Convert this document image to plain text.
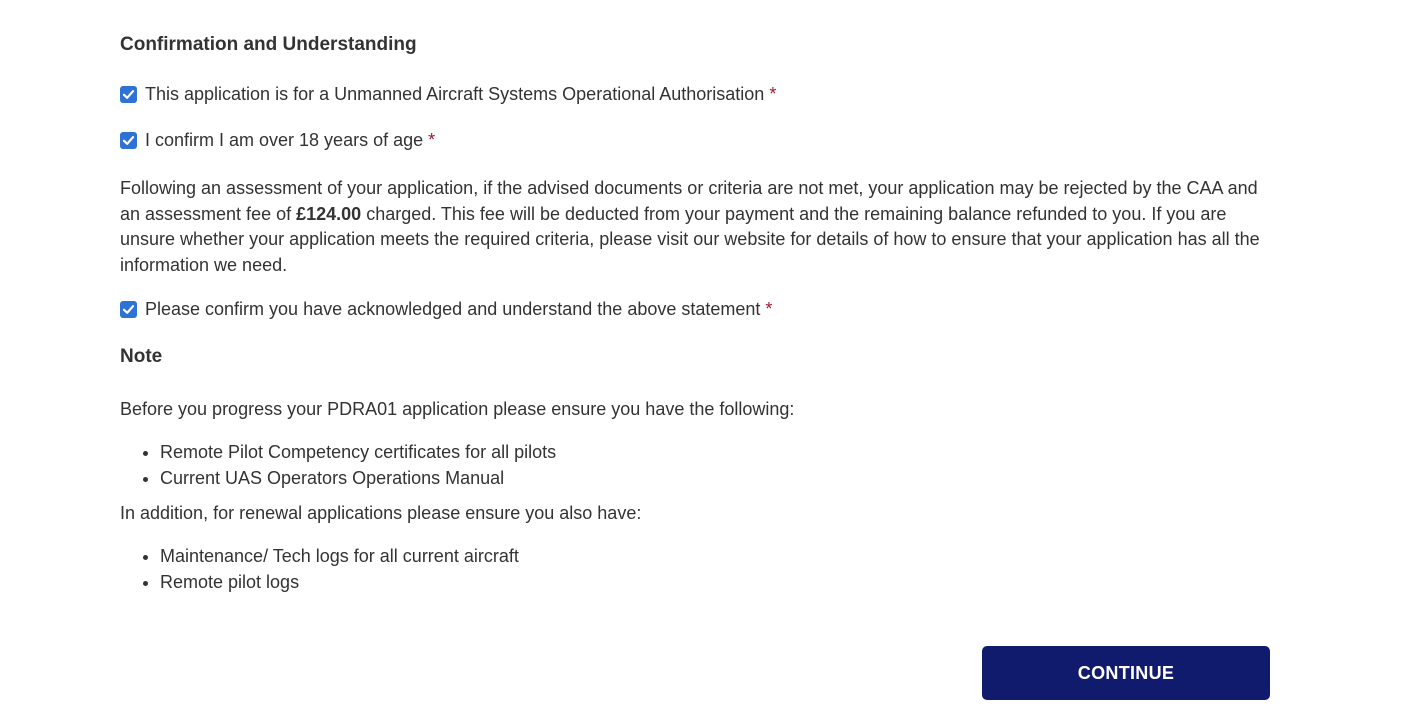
Confirmation and Understanding
This application is for a Unmanned Aircraft Systems Operational Authorisation *
I confirm I am over 18 years of age *

Following an assessment of your application, if the advised documents or criteria are not met, your application may be rejected by the CAA and an assessment fee of £124.00 charged. This fee will be deducted from your payment and the remaining balance refunded to you. If you are unsure whether your application meets the required criteria, please visit our website for details of how to ensure that your application has all the information we need.

Please confirm you have acknowledged and understand the above statement *
Note

Before you progress your PDRA01 application please ensure you have the following:

• Remote Pilot Competency certificates for all pilots
• Current UAS Operators Operations Manual

In addition, for renewal applications please ensure you also have:

• Maintenance/ Tech logs for all current aircraft
• Remote pilot logs
CONTINUE
